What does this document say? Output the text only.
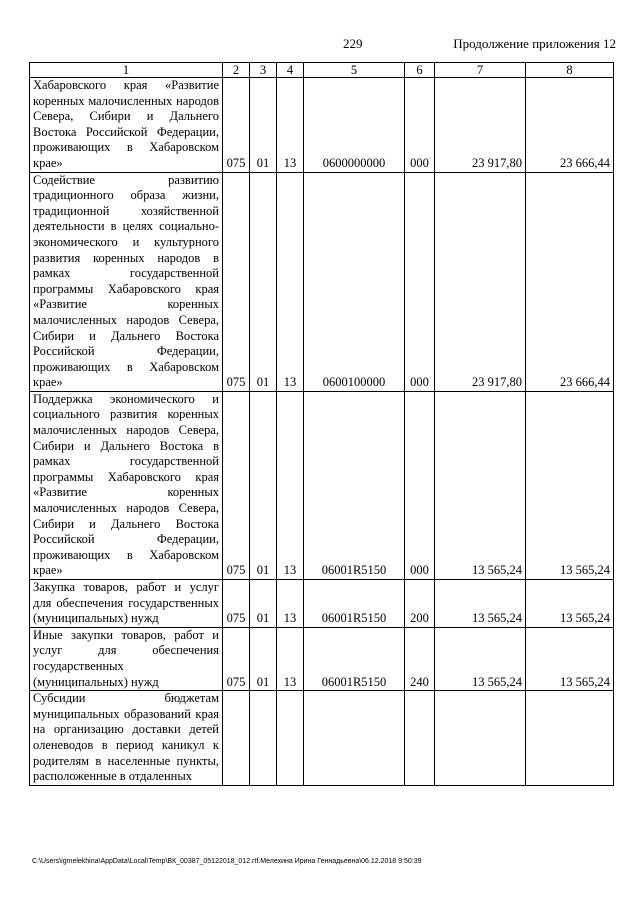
229	Продолжение приложения 12
1	2	3	4	5	6	7	8
Хабаровского края «Развитие коренных малочисленных народов Севера, Сибири и Дальнего Востока Российской Федерации, проживающих в Хабаровском крае»	075	01	13	0600000000	000	23 917,80	23 666,44
Содействие развитию традиционного образа жизни, традиционной хозяйственной деятельности в целях социально-экономического и культурного развития коренных народов в рамках государственной программы Хабаровского края «Развитие коренных малочисленных народов Севера, Сибири и Дальнего Востока Российской Федерации, проживающих в Хабаровском крае»	075	01	13	0600100000	000	23 917,80	23 666,44
Поддержка экономического и социального развития коренных малочисленных народов Севера, Сибири и Дальнего Востока в рамках государственной программы Хабаровского края «Развитие коренных малочисленных народов Севера, Сибири и Дальнего Востока Российской Федерации, проживающих в Хабаровском крае»	075	01	13	06001R5150	000	13 565,24	13 565,24
Закупка товаров, работ и услуг для обеспечения государственных (муниципальных) нужд	075	01	13	06001R5150	200	13 565,24	13 565,24
Иные закупки товаров, работ и услуг для обеспечения государственных (муниципальных) нужд	075	01	13	06001R5150	240	13 565,24	13 565,24
Субсидии бюджетам муниципальных образований края на организацию доставки детей оленеводов в период каникул к родителям в населенные пункты, расположенные в отдаленных							
C:\Users\igmelekhina\AppData\Local\Temp\ВК_00387_05122018_012.rtf.Мелехина Ирина Геннадьевна\06.12.2018 9:50:39
